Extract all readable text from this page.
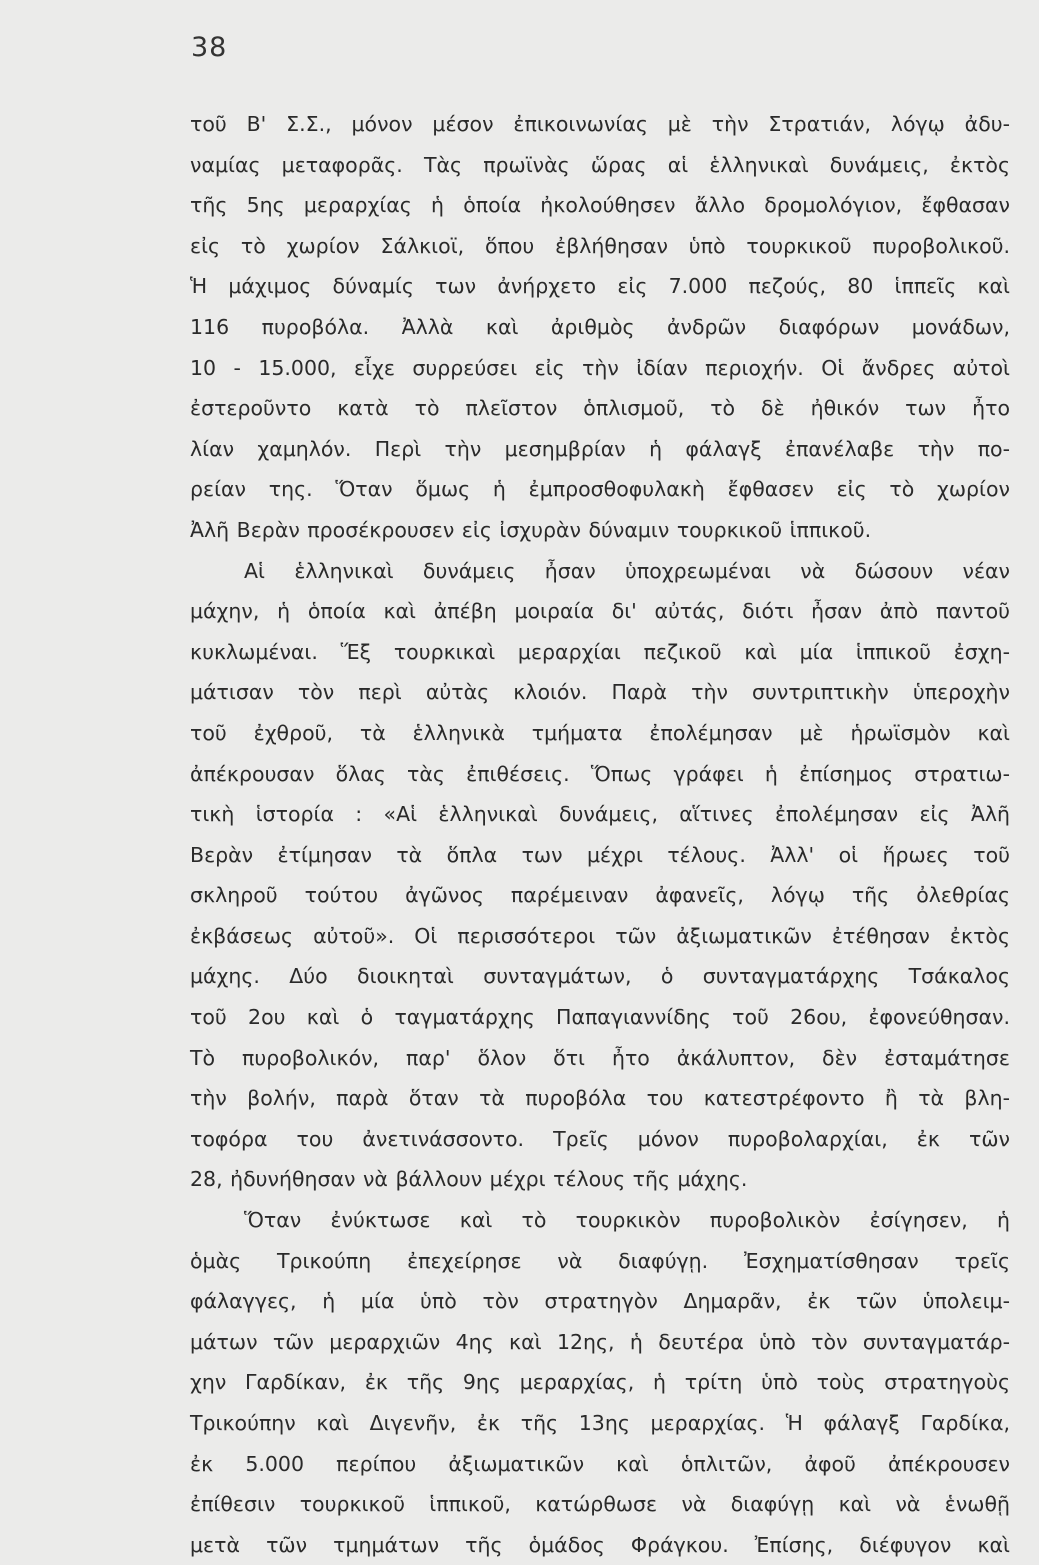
38
τοῦ Β' Σ.Σ., μόνον μέσον ἐπικοινωνίας μὲ τὴν Στρατιάν, λόγῳ ἀδυ-
ναμίας μεταφορᾶς. Τὰς πρωϊνὰς ὥρας αἱ ἑλληνικαὶ δυνάμεις, ἐκτὸς
τῆς 5ης μεραρχίας ἡ ὁποία ἠκολούθησεν ἄλλο δρομολόγιον, ἔφθασαν
εἰς τὸ χωρίον Σάλκιοϊ, ὅπου ἐβλήθησαν ὑπὸ τουρκικοῦ πυροβολικοῦ.
Ἡ μάχιμος δύναμίς των ἀνήρχετο εἰς 7.000 πεζούς, 80 ἱππεῖς καὶ
116 πυροβόλα. Ἀλλὰ καὶ ἀριθμὸς ἀνδρῶν διαφόρων μονάδων,
10 - 15.000, εἶχε συρρεύσει εἰς τὴν ἰδίαν περιοχήν. Οἱ ἄνδρες αὐτοὶ
ἐστεροῦντο κατὰ τὸ πλεῖστον ὁπλισμοῦ, τὸ δὲ ἠθικόν των ἦτο
λίαν χαμηλόν. Περὶ τὴν μεσημβρίαν ἡ φάλαγξ ἐπανέλαβε τὴν πο-
ρείαν της. Ὅταν ὅμως ἡ ἐμπροσθοφυλακὴ ἔφθασεν εἰς τὸ χωρίον
Ἀλῆ Βερὰν προσέκρουσεν εἰς ἰσχυρὰν δύναμιν τουρκικοῦ ἱππικοῦ.
Αἱ ἑλληνικαὶ δυνάμεις ἦσαν ὑποχρεωμέναι νὰ δώσουν νέαν
μάχην, ἡ ὁποία καὶ ἀπέβη μοιραία δι' αὐτάς, διότι ἦσαν ἀπὸ παντοῦ
κυκλωμέναι. Ἕξ τουρκικαὶ μεραρχίαι πεζικοῦ καὶ μία ἱππικοῦ ἐσχη-
μάτισαν τὸν περὶ αὐτὰς κλοιόν. Παρὰ τὴν συντριπτικὴν ὑπεροχὴν
τοῦ ἐχθροῦ, τὰ ἑλληνικὰ τμήματα ἐπολέμησαν μὲ ἡρωϊσμὸν καὶ
ἀπέκρουσαν ὅλας τὰς ἐπιθέσεις. Ὅπως γράφει ἡ ἐπίσημος στρατιω-
τικὴ ἱστορία : «Αἱ ἑλληνικαὶ δυνάμεις, αἵτινες ἐπολέμησαν εἰς Ἀλῆ
Βερὰν ἐτίμησαν τὰ ὅπλα των μέχρι τέλους. Ἀλλ' οἱ ἥρωες τοῦ
σκληροῦ τούτου ἀγῶνος παρέμειναν ἀφανεῖς, λόγῳ τῆς ὀλεθρίας
ἐκβάσεως αὐτοῦ». Οἱ περισσότεροι τῶν ἀξιωματικῶν ἐτέθησαν ἐκτὸς
μάχης. Δύο διοικηταὶ συνταγμάτων, ὁ συνταγματάρχης Τσάκαλος
τοῦ 2ου καὶ ὁ ταγματάρχης Παπαγιαννίδης τοῦ 26ου, ἐφονεύθησαν.
Τὸ πυροβολικόν, παρ' ὅλον ὅτι ἦτο ἀκάλυπτον, δὲν ἐσταμάτησε
τὴν βολήν, παρὰ ὅταν τὰ πυροβόλα του κατεστρέφοντο ἢ τὰ βλη-
τοφόρα του ἀνετινάσσοντο. Τρεῖς μόνον πυροβολαρχίαι, ἐκ τῶν
28, ἠδυνήθησαν νὰ βάλλουν μέχρι τέλους τῆς μάχης.
Ὅταν ἐνύκτωσε καὶ τὸ τουρκικὸν πυροβολικὸν ἐσίγησεν, ἡ
ὁμὰς Τρικούπη ἐπεχείρησε νὰ διαφύγῃ. Ἐσχηματίσθησαν τρεῖς
φάλαγγες, ἡ μία ὑπὸ τὸν στρατηγὸν Δημαρᾶν, ἐκ τῶν ὑπολειμ-
μάτων τῶν μεραρχιῶν 4ης καὶ 12ης, ἡ δευτέρα ὑπὸ τὸν συνταγματάρ-
χην Γαρδίκαν, ἐκ τῆς 9ης μεραρχίας, ἡ τρίτη ὑπὸ τοὺς στρατηγοὺς
Τρικούπην καὶ Διγενῆν, ἐκ τῆς 13ης μεραρχίας. Ἡ φάλαγξ Γαρδίκα,
ἐκ 5.000 περίπου ἀξιωματικῶν καὶ ὁπλιτῶν, ἀφοῦ ἀπέκρουσεν
ἐπίθεσιν τουρκικοῦ ἱππικοῦ, κατώρθωσε νὰ διαφύγῃ καὶ νὰ ἑνωθῇ
μετὰ τῶν τμημάτων τῆς ὁμάδος Φράγκου. Ἐπίσης, διέφυγον καὶ
